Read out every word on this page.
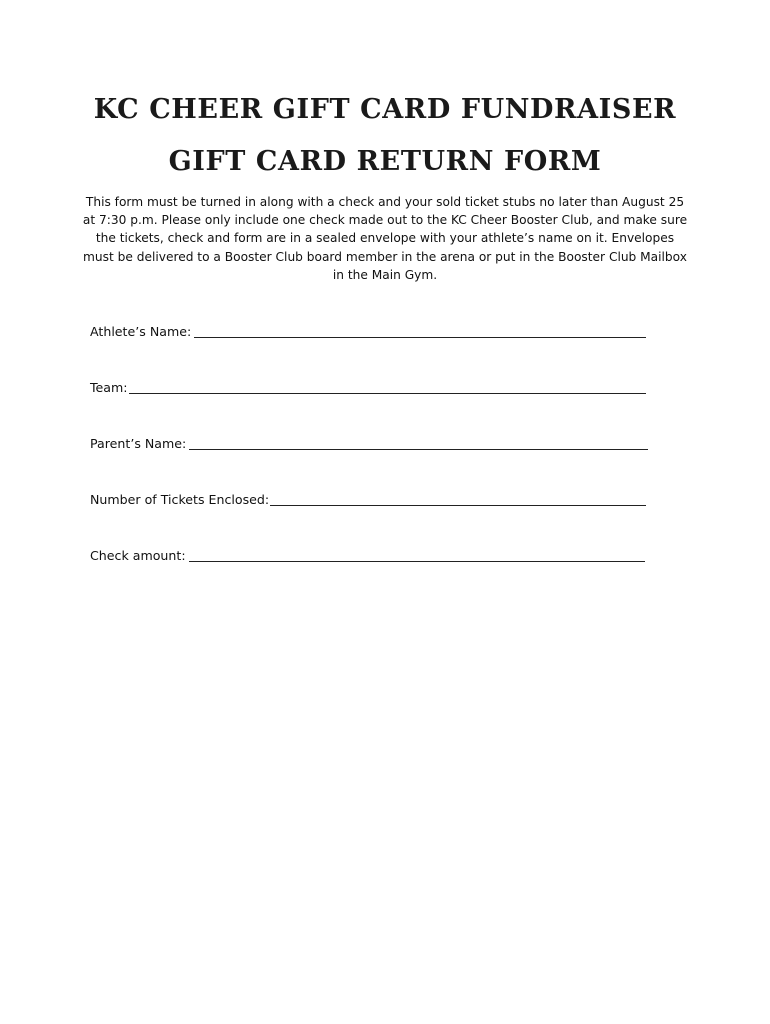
KC CHEER GIFT CARD FUNDRAISER
GIFT CARD RETURN FORM

This form must be turned in along with a check and your sold ticket stubs no later than August 25 at 7:30 p.m. Please only include one check made out to the KC Cheer Booster Club, and make sure the tickets, check and form are in a sealed envelope with your athlete’s name on it. Envelopes must be delivered to a Booster Club board member in the arena or put in the Booster Club Mailbox in the Main Gym.

Athlete’s Name:
Team:
Parent’s Name:
Number of Tickets Enclosed:
Check amount:
